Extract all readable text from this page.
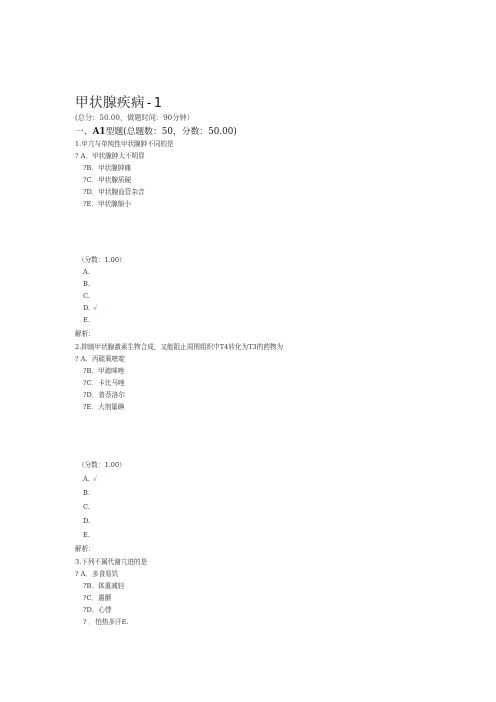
甲状腺疾病-1
(总分：50.00，做题时间：90分钟）
一、A1型题(总题数：50，分数：50.00)
1.甲亢与单纯性甲状腺肿不同的是
? A．甲状腺肿大不明显
?B．甲状腺肿痛
?C．甲状腺质硬
?D．甲状腺血管杂音
?E．甲状腺缩小
（分数：1.00）
A.
B.
C.
D. √
E.
解析：
2.抑制甲状腺激素生物合成，又能阻止周围组织中T4转化为T3的药物为
? A．丙硫氧嘧啶
?B．甲巯咪唑
?C．卡比马唑
?D．普萘洛尔
?E．大剂量碘
（分数：1.00）
A. √
B.
C.
D.
E.
解析：
3.下列不属代谢亢进的是
? A．多食易饥
?B．体重减轻
?C．震颤
?D．心悸
? ．怕热多汗E.
